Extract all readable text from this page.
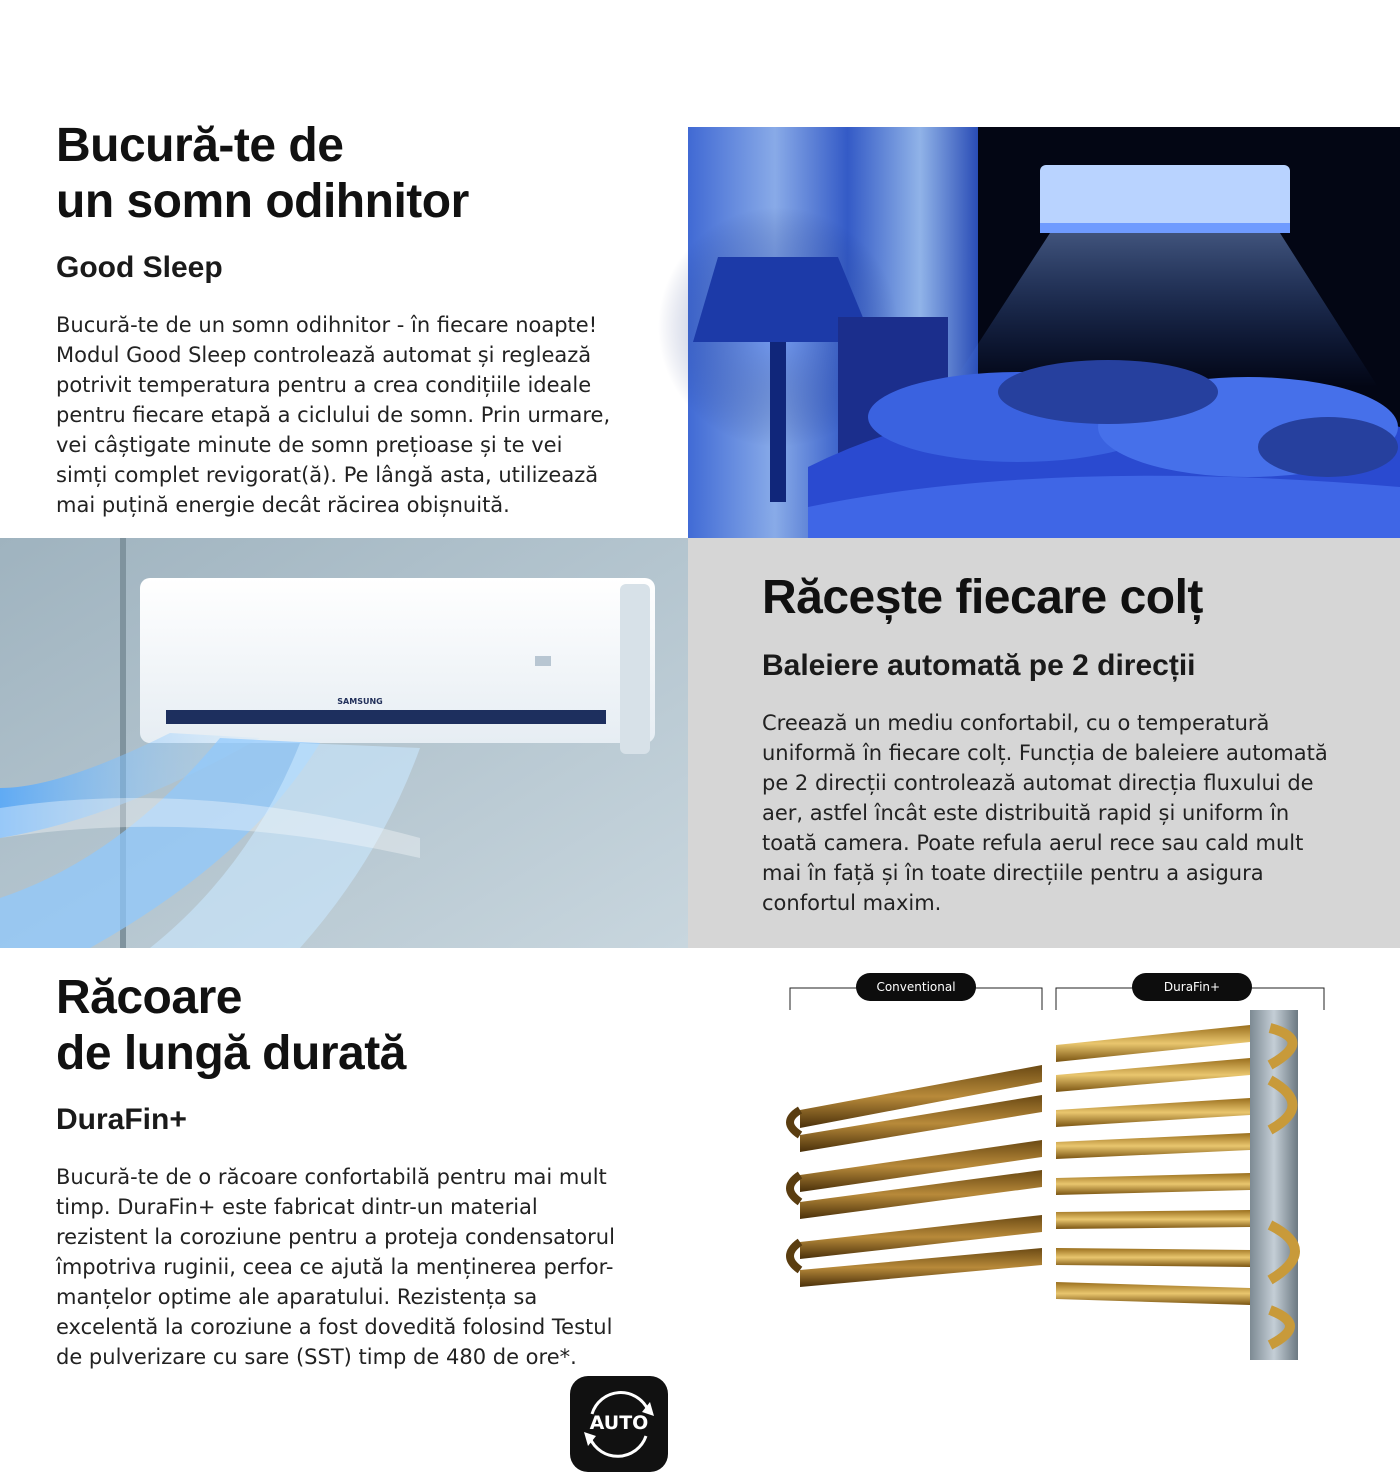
Bucură-te de
un somn odihnitor
Good Sleep
Bucură-te de un somn odihnitor - în fiecare noapte!
Modul Good Sleep controlează automat și reglează
potrivit temperatura pentru a crea condițiile ideale
pentru fiecare etapă a ciclului de somn. Prin urmare,
vei câștigate minute de somn prețioase și te vei
simți complet revigorat(ă). Pe lângă asta, utilizează
mai puțină energie decât răcirea obișnuită.
SAMSUNG
AUTO
Răcește fiecare colț
Baleiere automată pe 2 direcții
Creează un mediu confortabil, cu o temperatură
uniformă în fiecare colț. Funcția de baleiere automată
pe 2 direcții controlează automat direcția fluxului de
aer, astfel încât este distribuită rapid și uniform în
toată camera. Poate refula aerul rece sau cald mult
mai în față și în toate direcțiile pentru a asigura
confortul maxim.
Răcoare
de lungă durată
DuraFin+
Bucură-te de o răcoare confortabilă pentru mai mult
timp. DuraFin+ este fabricat dintr-un material
rezistent la coroziune pentru a proteja condensatorul
împotriva ruginii, ceea ce ajută la menținerea perfor-
manțelor optime ale aparatului. Rezistența sa
excelentă la coroziune a fost dovedită folosind Testul
de pulverizare cu sare (SST) timp de 480 de ore*.
Conventional	DuraFin+
